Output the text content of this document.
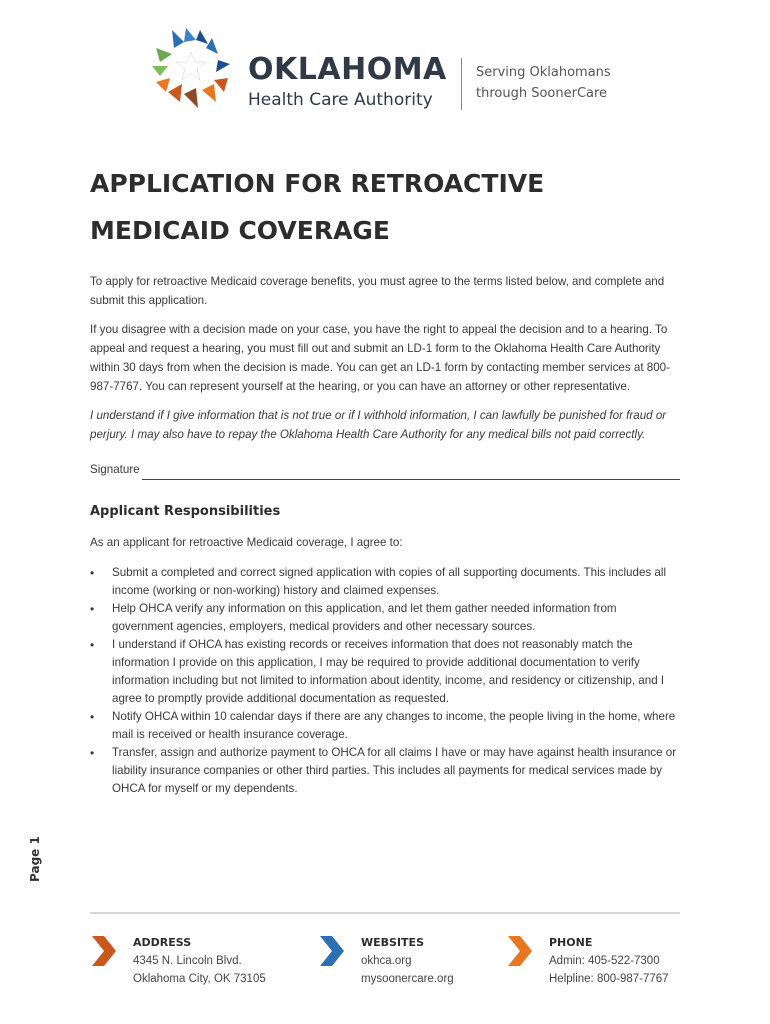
OKLAHOMA
Health Care Authority
Serving Oklahomans
through SoonerCare
APPLICATION FOR RETROACTIVE
MEDICAID COVERAGE

To apply for retroactive Medicaid coverage benefits, you must agree to the terms listed below, and complete and submit this application.

If you disagree with a decision made on your case, you have the right to appeal the decision and to a hearing. To appeal and request a hearing, you must fill out and submit an LD-1 form to the Oklahoma Health Care Authority within 30 days from when the decision is made. You can get an LD-1 form by contacting member services at 800-987-7767. You can represent yourself at the hearing, or you can have an attorney or other representative.

I understand if I give information that is not true or if I withhold information, I can lawfully be punished for fraud or perjury. I may also have to repay the Oklahoma Health Care Authority for any medical bills not paid correctly.

Signature
Applicant Responsibilities
As an applicant for retroactive Medicaid coverage, I agree to:
• Submit a completed and correct signed application with copies of all supporting documents. This includes all income (working or non-working) history and claimed expenses.
• Help OHCA verify any information on this application, and let them gather needed information from government agencies, employers, medical providers and other necessary sources.
• I understand if OHCA has existing records or receives information that does not reasonably match the information I provide on this application, I may be required to provide additional documentation to verify information including but not limited to information about identity, income, and residency or citizenship, and I agree to promptly provide additional documentation as requested.
• Notify OHCA within 10 calendar days if there are any changes to income, the people living in the home, where mail is received or health insurance coverage.
• Transfer, assign and authorize payment to OHCA for all claims I have or may have against health insurance or liability insurance companies or other third parties. This includes all payments for medical services made by OHCA for myself or my dependents.
Page 1
ADDRESS
4345 N. Lincoln Blvd.
Oklahoma City, OK 73105
WEBSITES
okhca.org
mysoonercare.org
PHONE
Admin: 405-522-7300
Helpline: 800-987-7767
